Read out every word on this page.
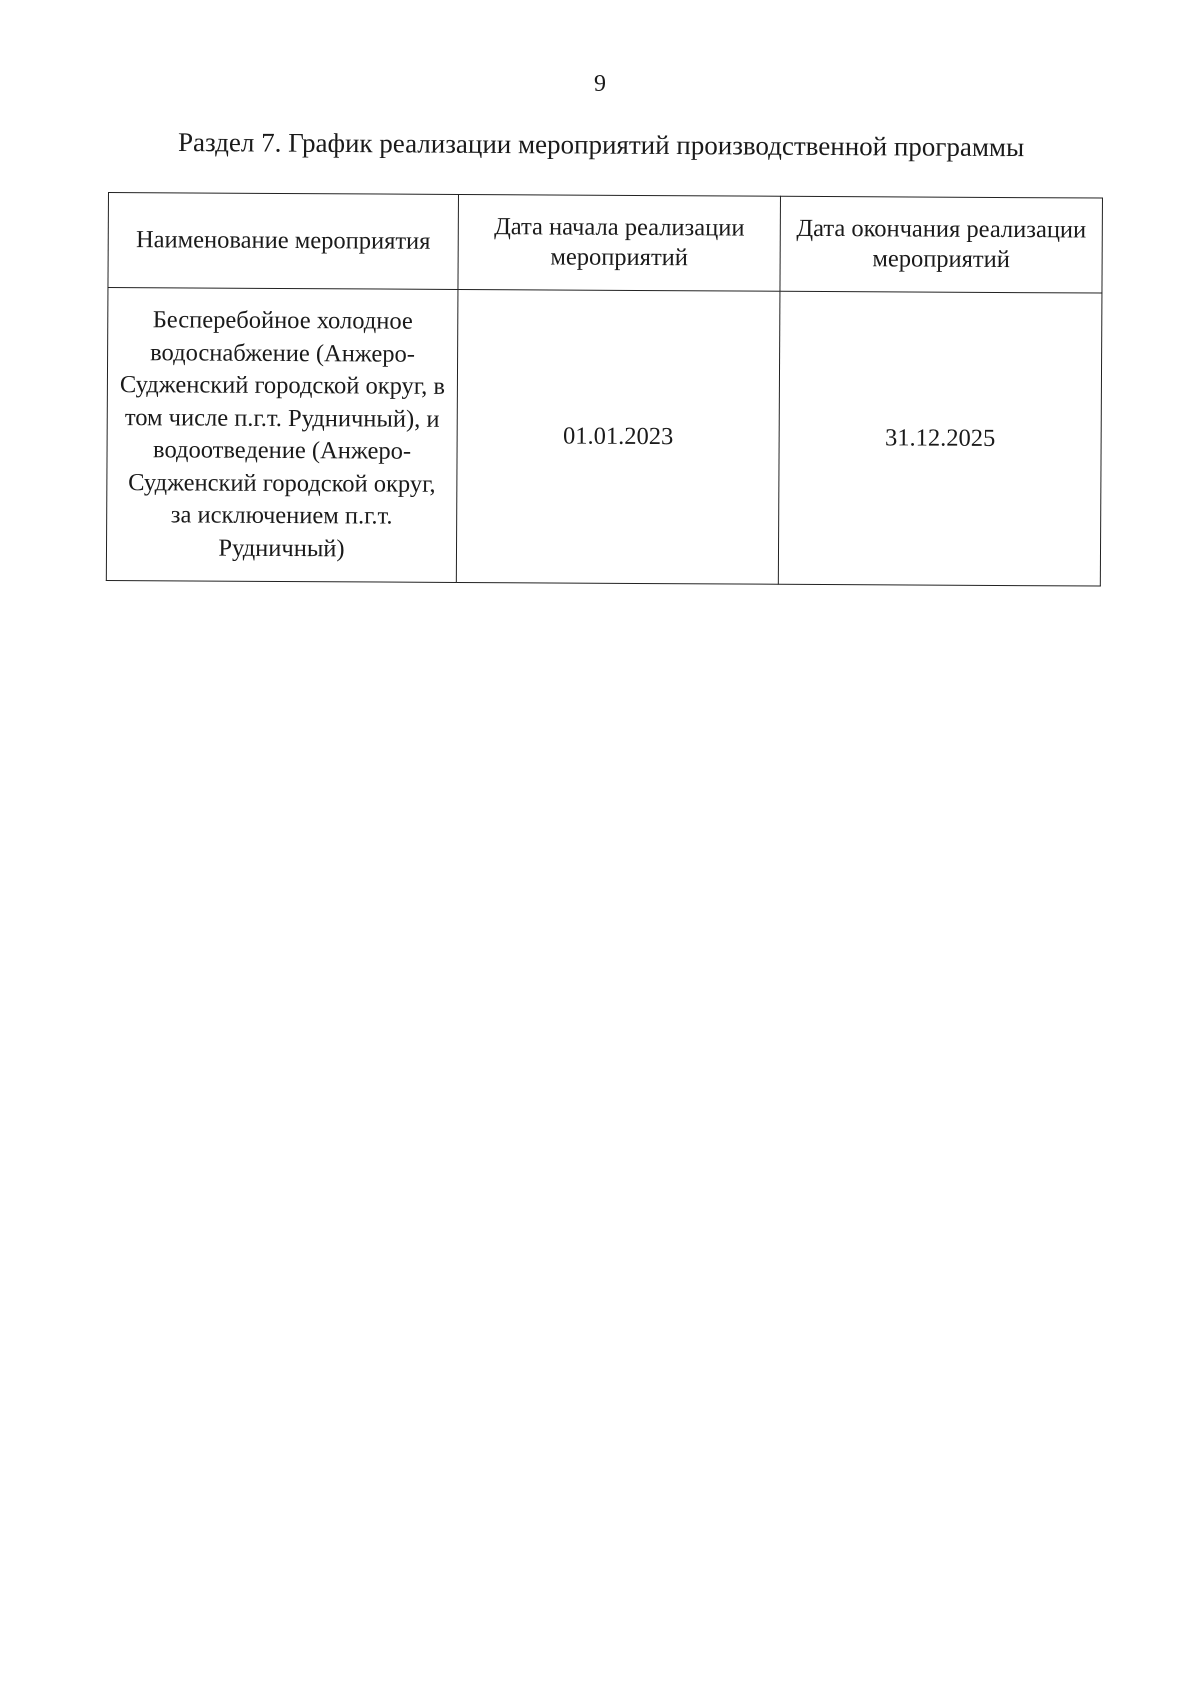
9
Раздел 7. График реализации мероприятий производственной программы
Наименование мероприятия	Дата начала реализации мероприятий	Дата окончания реализации мероприятий

Бесперебойное холодное водоснабжение (Анжеро-Судженский городской округ, в том числе п.г.т. Рудничный), и водоотведение (Анжеро-Судженский городской округ, за исключением п.г.т. Рудничный)	01.01.2023	31.12.2025
